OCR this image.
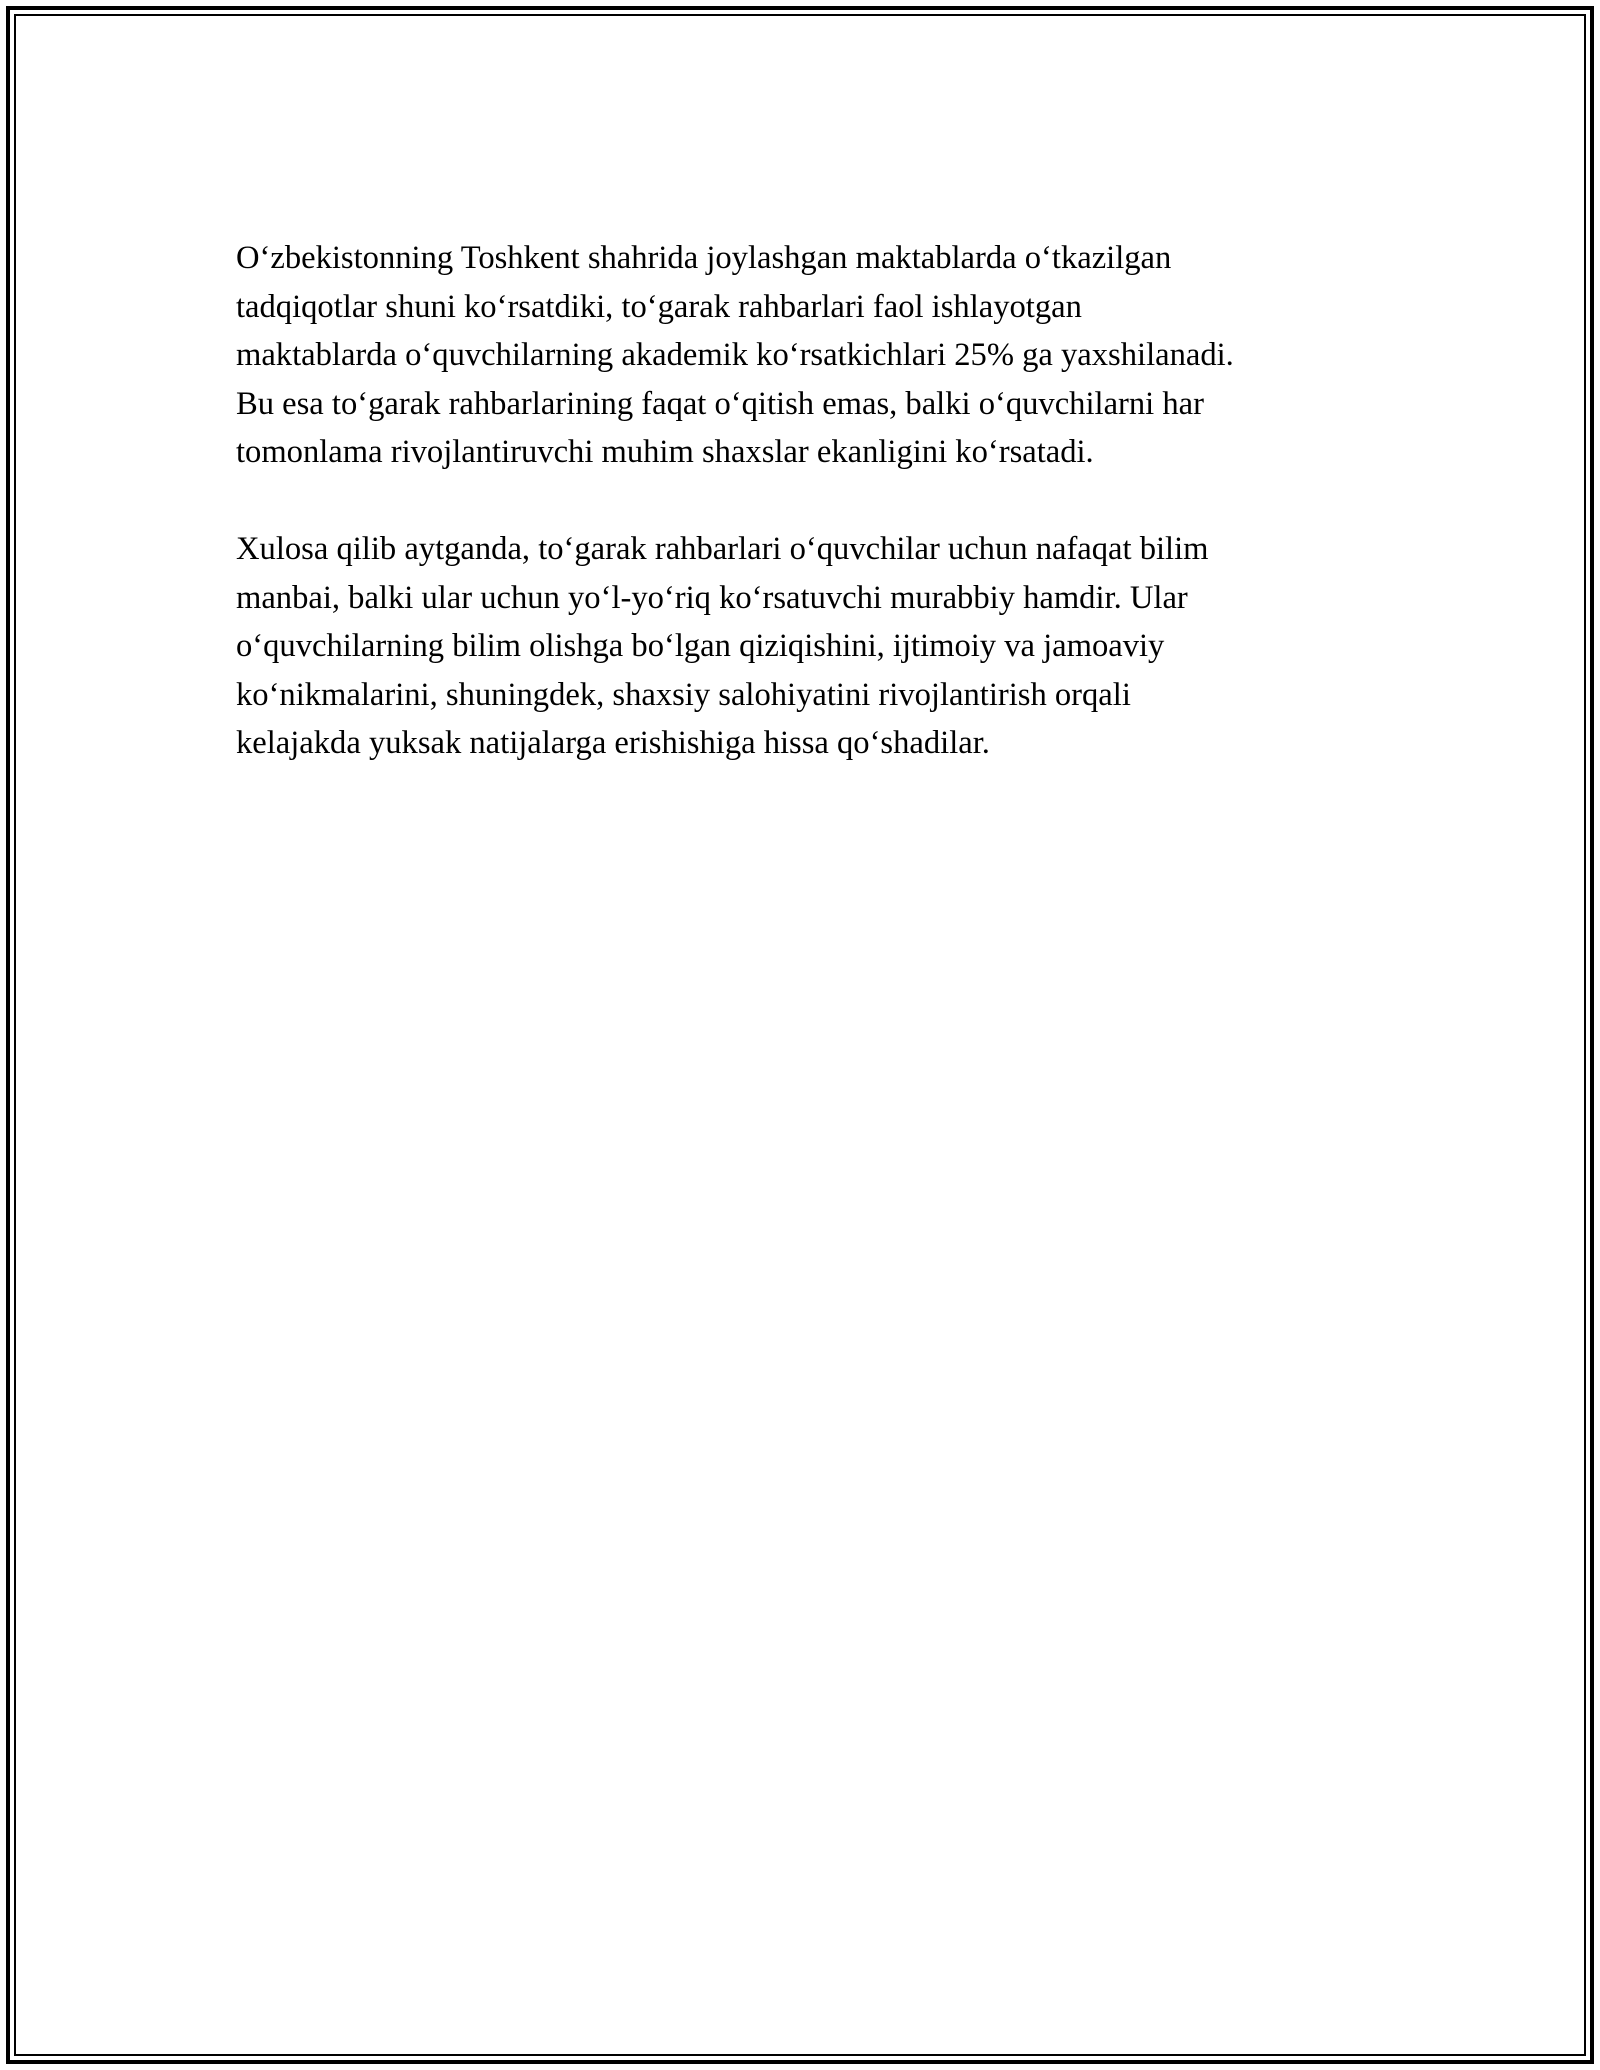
O‘zbekistonning Toshkent shahrida joylashgan maktablarda o‘tkazilgan
tadqiqotlar shuni ko‘rsatdiki, to‘garak rahbarlari faol ishlayotgan
maktablarda o‘quvchilarning akademik ko‘rsatkichlari 25% ga yaxshilanadi.
Bu esa to‘garak rahbarlarining faqat o‘qitish emas, balki o‘quvchilarni har
tomonlama rivojlantiruvchi muhim shaxslar ekanligini ko‘rsatadi.

Xulosa qilib aytganda, to‘garak rahbarlari o‘quvchilar uchun nafaqat bilim
manbai, balki ular uchun yo‘l-yo‘riq ko‘rsatuvchi murabbiy hamdir. Ular
o‘quvchilarning bilim olishga bo‘lgan qiziqishini, ijtimoiy va jamoaviy
ko‘nikmalarini, shuningdek, shaxsiy salohiyatini rivojlantirish orqali
kelajakda yuksak natijalarga erishishiga hissa qo‘shadilar.
